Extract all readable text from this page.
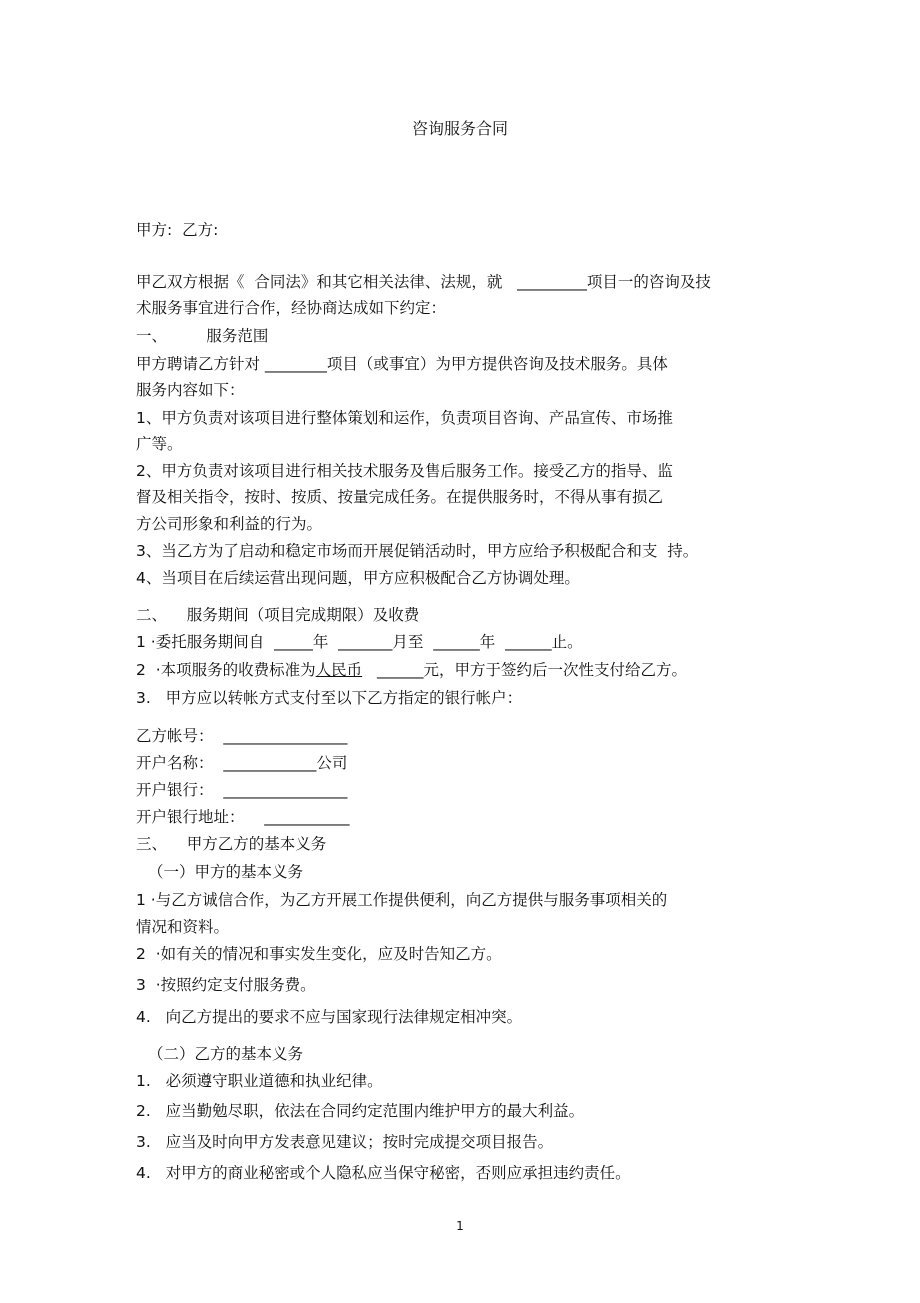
咨询服务合同
甲方:  乙方:
甲乙双方根据《  合同法》和其它相关法律、法规，就   _________项目一的咨询及技
术服务事宜进行合作，经协商达成如下约定：
一、        服务范围
甲方聘请乙方针对 ________项目（或事宜）为甲方提供咨询及技术服务。具体
服务内容如下：
1、甲方负责对该项目进行整体策划和运作，负责项目咨询、产品宣传、市场推
广等。
2、甲方负责对该项目进行相关技术服务及售后服务工作。接受乙方的指导、监
督及相关指令，按时、按质、按量完成任务。在提供服务时，不得从事有损乙
方公司形象和利益的行为。
3、当乙方为了启动和稳定市场而开展促销活动时，甲方应给予积极配合和支  持。
4、当项目在后续运营出现问题，甲方应积极配合乙方协调处理。
二、    服务期间（项目完成期限）及收费
1 ·委托服务期间自  _____年  _______月至  ______年  ______止。
2  ·本项服务的收费标准为人民币   ______元，甲方于签约后一次性支付给乙方。
3.   甲方应以转帐方式支付至以下乙方指定的银行帐户：
乙方帐号：  ________________
开户名称：  ____________公司
开户银行：  ________________
开户银行地址：    ___________
三、    甲方乙方的基本义务
（一）甲方的基本义务
1 ·与乙方诚信合作，为乙方开展工作提供便利，向乙方提供与服务事项相关的
情况和资料。
2  ·如有关的情况和事实发生变化，应及时告知乙方。
3  ·按照约定支付服务费。
4.   向乙方提出的要求不应与国家现行法律规定相冲突。
（二）乙方的基本义务
1.   必须遵守职业道德和执业纪律。
2.   应当勤勉尽职，依法在合同约定范围内维护甲方的最大利益。
3.   应当及时向甲方发表意见建议；按时完成提交项目报告。
4.   对甲方的商业秘密或个人隐私应当保守秘密，否则应承担违约责任。
1
